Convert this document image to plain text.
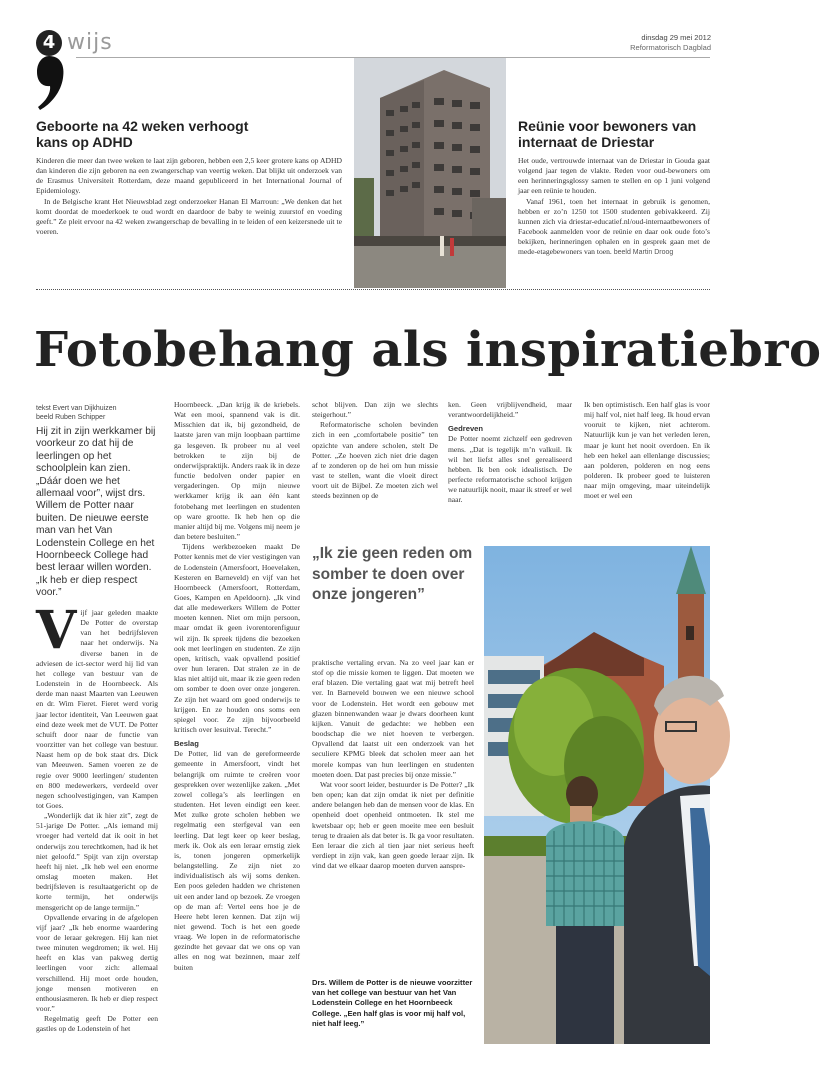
4 wijs	dinsdag 29 mei 2012
Reformatorisch Dagblad
Geboorte na 42 weken verhoogt kans op ADHD

Kinderen die meer dan twee weken te laat zijn geboren, hebben een 2,5 keer grotere kans op ADHD dan kinderen die zijn geboren na een zwangerschap van veertig weken. Dat blijkt uit onderzoek van de Erasmus Universiteit Rotterdam, deze maand gepubliceerd in het International Journal of Epidemiology.

In de Belgische krant Het Nieuwsblad zegt onderzoeker Hanan El Marroun: „We denken dat het komt doordat de moederkoek te oud wordt en daardoor de baby te weinig zuurstof en voeding geeft.” Ze pleit ervoor na 42 weken zwangerschap de bevalling in te leiden of een keizersnede uit te voeren.

Reünie voor bewoners van internaat de Driestar

Het oude, vertrouwde internaat van de Driestar in Gouda gaat volgend jaar tegen de vlakte. Reden voor oud-bewoners om een herinneringsglossy samen te stellen en op 1 juni volgend jaar een reünie te houden.

Vanaf 1961, toen het internaat in gebruik is genomen, hebben er zo’n 1250 tot 1500 studenten gebivakkeerd. Zij kunnen zich via driestar-educatief.nl/oud-internaatbewoners of Facebook aanmelden voor de reünie en daar ook oude foto’s bekijken, herinneringen ophalen en in gesprek gaan met de mede-etagebewoners van toen. beeld Martin Droog

Fotobehang als inspiratiebro
tekst Evert van Dijkhuizen
beeld Ruben Schipper
Hij zit in zijn werkkamer bij voorkeur zo dat hij de leerlingen op het schoolplein kan zien. „Dáár doen we het allemaal voor”, wijst drs. Willem de Potter naar buiten. De nieuwe eerste man van het Van Lodenstein College en het Hoornbeeck College had best leraar willen worden. „Ik heb er diep respect voor.”

Vijf jaar geleden maakte De Potter de overstap van het bedrijfsleven naar het onderwijs. Na diverse banen in de adviesen de ict-sector werd hij lid van het college van bestuur van de Lodenstein in de Hoornbeeck. Als derde man naast Maarten van Leeuwen en dr. Wim Fieret. Fieret werd vorig jaar lector identiteit, Van Leeuwen gaat eind deze week met de VUT. De Potter schuift door naar de functie van voorzitter van het college van bestuur. Naast hem op de bok staat drs. Dick van Meeuwen. Samen voeren ze de regie over 9000 leerlingen/ studenten en 800 medewerkers, verdeeld over negen schoolvestigingen, van Kampen tot Goes.

„Wonderlijk dat ik hier zit”, zegt de 51-jarige De Potter. „Als iemand mij vroeger had verteld dat ik ooit in het onderwijs zou terechtkomen, had ik het niet geloofd.” Spijt van zijn overstap heeft hij niet. „Ik heb wel een enorme omslag moeten maken. Het bedrijfsleven is resultaatgericht op de korte termijn, het onderwijs mensgericht op de lange termijn.”

Opvallende ervaring in de afgelopen vijf jaar? „Ik heb enorme waardering voor de leraar gekregen. Hij kan niet twee minuten wegdromen; ik wel. Hij heeft en klas van pakweg dertig leerlingen voor zich: allemaal verschillend. Hij moet orde houden, jonge mensen motiveren en enthousiasmeren. Ik heb er diep respect voor.”

Regelmatig geeft De Potter een gastles op de Lodenstein of het

Hoornbeeck. „Dan krijg ik de kriebels. Wat een mooi, spannend vak is dit. Misschien dat ik, bij gezondheid, de laatste jaren van mijn loopbaan parttime ga lesgeven. Ik probeer nu al veel betrokken te zijn bij de onderwijspraktijk. Anders raak ik in deze functie bedolven onder papier en vergaderingen. Op mijn nieuwe werkkamer krijg ik aan één kant fotobehang met leerlingen en studenten op ware grootte. Ik heb hen op die manier altijd bij me. Volgens mij neem je dan betere besluiten.”

Tijdens werkbezoeken maakt De Potter kennis met de vier vestigingen van de Lodenstein (Amersfoort, Hoevelaken, Kesteren en Barneveld) en vijf van het Hoornbeeck (Amersfoort, Rotterdam, Goes, Kampen en Apeldoorn). „Ik vind dat alle medewerkers Willem de Potter moeten kennen. Niet om mijn persoon, maar omdat ik geen ivorentorenfiguur wil zijn. Ik spreek tijdens die bezoeken ook met leerlingen en studenten. Ze zijn open, kritisch, vaak opvallend positief over hun leraren. Dat stralen ze in de klas niet altijd uit, maar ik zie geen reden om somber te doen over onze jongeren. Ze zijn het waard om goed onderwijs te krijgen. En ze houden ons soms een spiegel voor. Ze zijn bijvoorbeeld kritisch over lesuitval. Terecht.”

Beslag

De Potter, lid van de gereformeerde gemeente in Amersfoort, vindt het belangrijk om ruimte te creëren voor gesprekken over wezenlijke zaken. „Met zowel collega’s als leerlingen en studenten. Het leven eindigt een keer. Met zulke grote scholen hebben we regelmatig een sterfgeval van een leerling. Dat legt keer op keer beslag, merk ik. Ook als een leraar ernstig ziek is, tonen jongeren opmerkelijk belangstelling. Ze zijn niet zo individualistisch als wij soms denken. Een poos geleden hadden we christenen uit een ander land op bezoek. Ze vroegen op de man af: Vertel eens hoe je de Heere hebt leren kennen. Dat zijn wij niet gewend. Toch is het een goede vraag. We lopen in de reformatorische gezindte het gevaar dat we ons op van alles en nog wat bezinnen, maar zelf buiten

schot blijven. Dan zijn we slechts steigerhout.”

Reformatorische scholen bevinden zich in een „comfortabele positie” ten opzichte van andere scholen, stelt De Potter. „Ze hoeven zich niet drie dagen af te zonderen op de hei om hun missie vast te stellen, want die vloeit direct voort uit de Bijbel. Ze moeten zich wel steeds bezinnen op de

ken. Geen vrijblijvendheid, maar verantwoordelijkheid.”

Gedreven

De Potter noemt zichzelf een gedreven mens. „Dat is tegelijk m’n valkuil. Ik wil het liefst alles snel gerealiseerd hebben. Ik ben ook idealistisch. De perfecte reformatorische school krijgen we natuurlijk nooit, maar ik streef er wel naar.

Ik ben optimistisch. Een half glas is voor mij half vol, niet half leeg. Ik houd ervan vooruit te kijken, niet achterom. Natuurlijk kun je van het verleden leren, maar je kunt het nooit overdoen. En ik heb een hekel aan ellenlange discussies; aan polderen, polderen en nog eens polderen. Ik probeer goed te luisteren naar mijn omgeving, maar uiteindelijk moet er wel een

„Ik zie geen reden om somber te doen over onze jongeren”

praktische vertaling ervan. Na zo veel jaar kan er stof op die missie komen te liggen. Dat moeten we eraf blazen. Die vertaling gaat wat mij betreft heel ver. In Barneveld bouwen we een nieuwe school voor de Lodenstein. Het wordt een gebouw met glazen binnenwanden waar je dwars doorheen kunt kijken. Vanuit de gedachte: we hebben een boodschap die we niet hoeven te verbergen. Opvallend dat laatst uit een onderzoek van het seculiere KPMG bleek dat scholen meer aan het morele kompas van hun leerlingen en studenten moeten doen. Dat past precies bij onze missie.”

Wat voor soort leider, bestuurder is De Potter? „Ik ben open; kan dat zijn omdat ik niet per definitie andere belangen heb dan de mensen voor de klas. En openheid doet openheid ontmoeten. Ik stel me kwetsbaar op; heb er geen moeite mee een besluit terug te draaien als dat beter is. Ik ga voor resultaten. Een leraar die zich al tien jaar niet serieus heeft verdiept in zijn vak, kan geen goede leraar zijn. Ik vind dat we elkaar daarop moeten durven aanspre-

Drs. Willem de Potter is de nieuwe voorzitter van het college van bestuur van het Van Lodenstein College en het Hoornbeeck College. „Een half glas is voor mij half vol, niet half leeg.”
